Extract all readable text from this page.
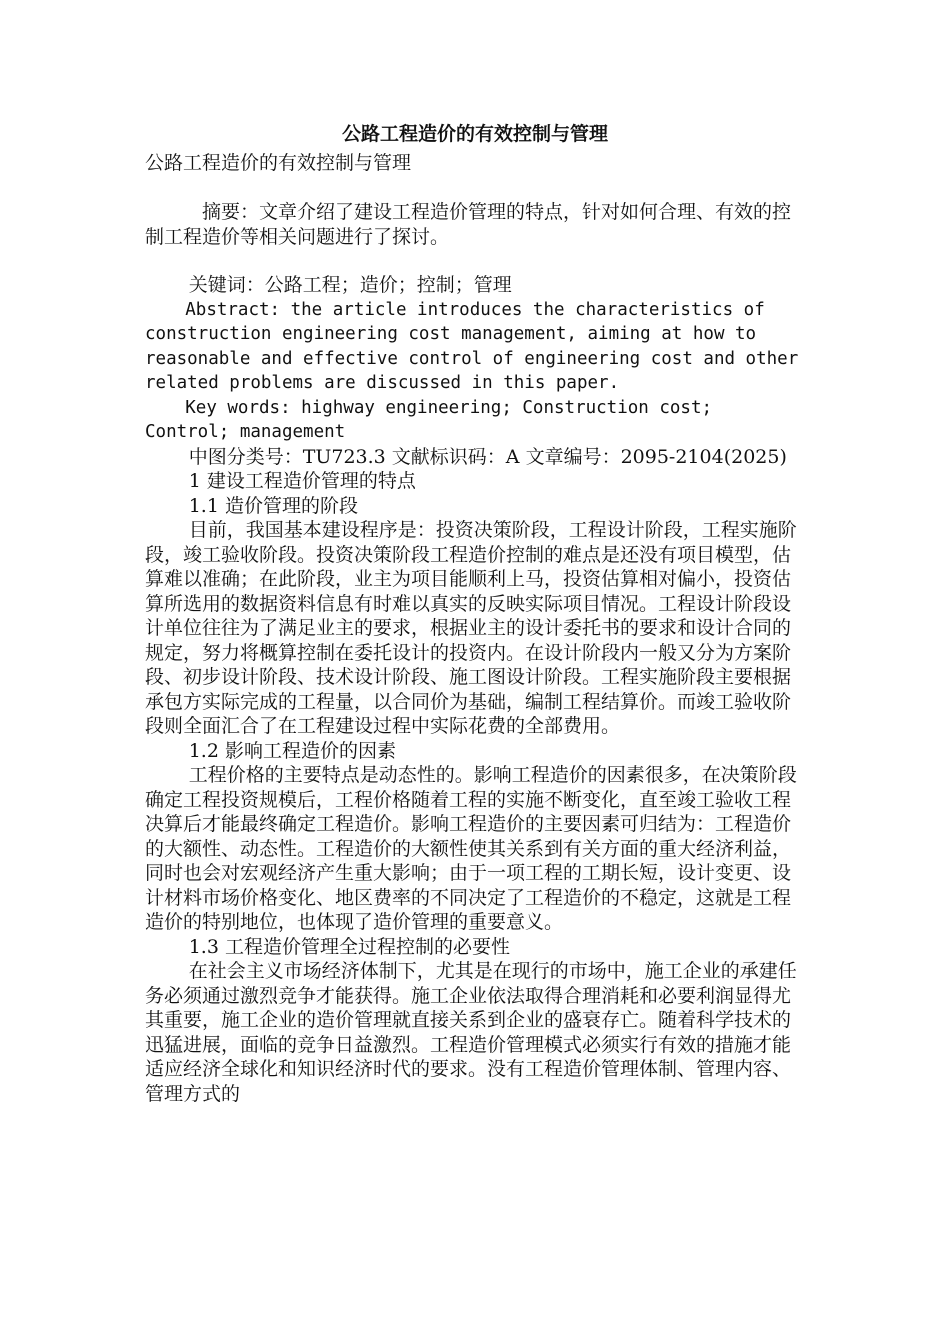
公路工程造价的有效控制与管理
公路工程造价的有效控制与管理

摘要：文章介绍了建设工程造价管理的特点，针对如何合理、有效的控制工程造价等相关问题进行了探讨。

关键词：公路工程；造价；控制；管理

Abstract: the article introduces the characteristics of construction engineering cost management, aiming at how to reasonable and effective control of engineering cost and other related problems are discussed in this paper.

Key words: highway engineering; Construction cost; Control; management

中图分类号：TU723.3 文献标识码：A 文章编号：2095-2104(2025)

1 建设工程造价管理的特点

1.1 造价管理的阶段

目前，我国基本建设程序是：投资决策阶段，工程设计阶段，工程实施阶段，竣工验收阶段。投资决策阶段工程造价控制的难点是还没有项目模型，估算难以准确；在此阶段，业主为项目能顺利上马，投资估算相对偏小，投资估算所选用的数据资料信息有时难以真实的反映实际项目情况。工程设计阶段设计单位往往为了满足业主的要求，根据业主的设计委托书的要求和设计合同的规定，努力将概算控制在委托设计的投资内。在设计阶段内一般又分为方案阶段、初步设计阶段、技术设计阶段、施工图设计阶段。工程实施阶段主要根据承包方实际完成的工程量，以合同价为基础，编制工程结算价。而竣工验收阶段则全面汇合了在工程建设过程中实际花费的全部费用。

1.2 影响工程造价的因素

工程价格的主要特点是动态性的。影响工程造价的因素很多，在决策阶段确定工程投资规模后，工程价格随着工程的实施不断变化，直至竣工验收工程决算后才能最终确定工程造价。影响工程造价的主要因素可归结为：工程造价的大额性、动态性。工程造价的大额性使其关系到有关方面的重大经济利益，同时也会对宏观经济产生重大影响；由于一项工程的工期长短，设计变更、设计材料市场价格变化、地区费率的不同决定了工程造价的不稳定，这就是工程造价的特别地位，也体现了造价管理的重要意义。

1.3 工程造价管理全过程控制的必要性

在社会主义市场经济体制下，尤其是在现行的市场中，施工企业的承建任务必须通过激烈竞争才能获得。施工企业依法取得合理消耗和必要利润显得尤其重要，施工企业的造价管理就直接关系到企业的盛衰存亡。随着科学技术的迅猛进展，面临的竞争日益激烈。工程造价管理模式必须实行有效的措施才能适应经济全球化和知识经济时代的要求。没有工程造价管理体制、管理内容、管理方式的
